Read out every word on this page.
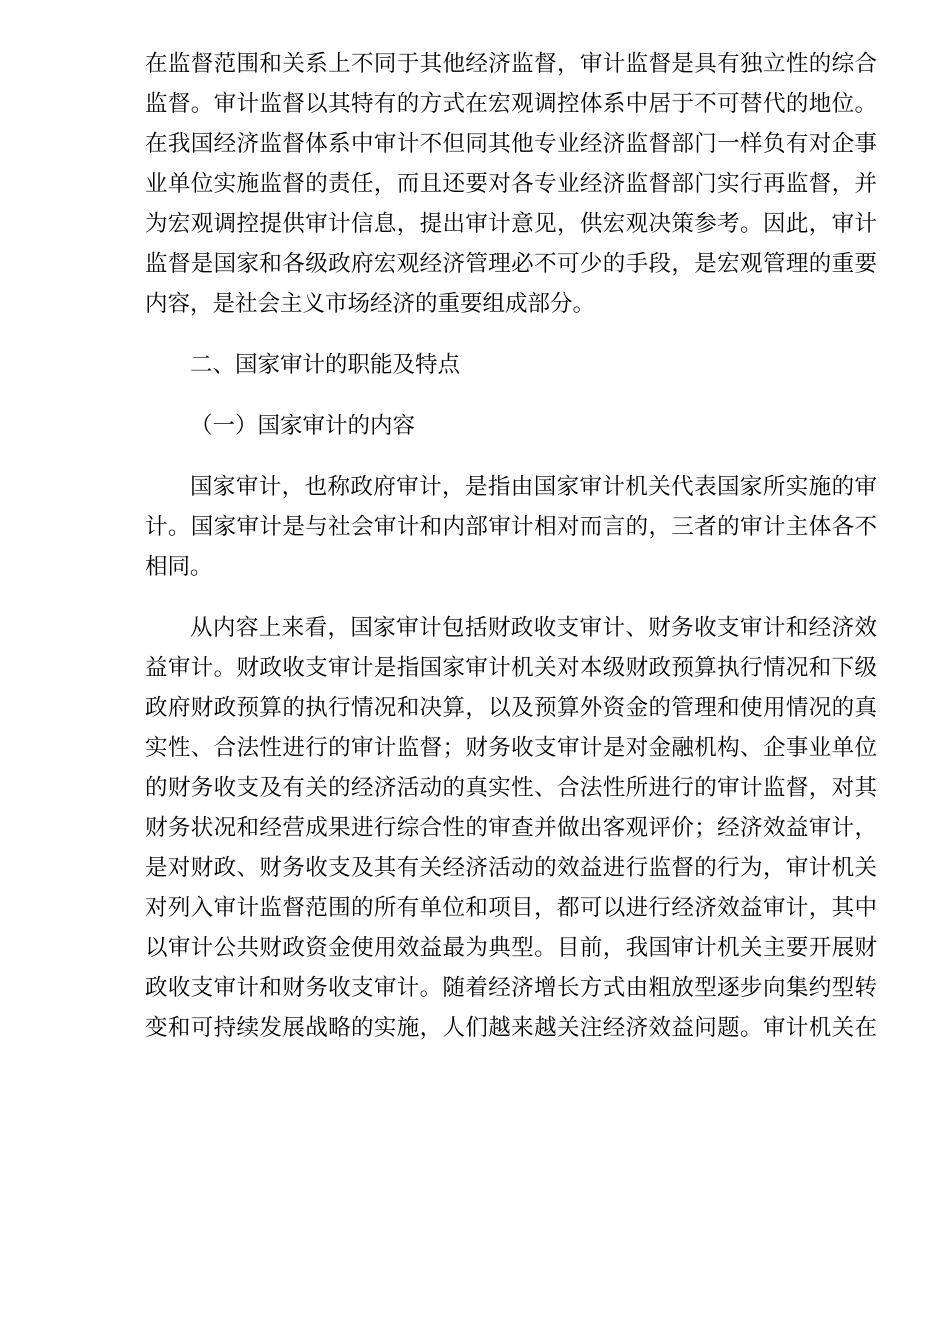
在监督范围和关系上不同于其他经济监督，审计监督是具有独立性的综合
监督。审计监督以其特有的方式在宏观调控体系中居于不可替代的地位。
在我国经济监督体系中审计不但同其他专业经济监督部门一样负有对企事
业单位实施监督的责任，而且还要对各专业经济监督部门实行再监督，并
为宏观调控提供审计信息，提出审计意见，供宏观决策参考。因此，审计
监督是国家和各级政府宏观经济管理必不可少的手段，是宏观管理的重要
内容，是社会主义市场经济的重要组成部分。
二、国家审计的职能及特点
（一）国家审计的内容
国家审计，也称政府审计，是指由国家审计机关代表国家所实施的审
计。国家审计是与社会审计和内部审计相对而言的，三者的审计主体各不
相同。
从内容上来看，国家审计包括财政收支审计、财务收支审计和经济效
益审计。财政收支审计是指国家审计机关对本级财政预算执行情况和下级
政府财政预算的执行情况和决算，以及预算外资金的管理和使用情况的真
实性、合法性进行的审计监督；财务收支审计是对金融机构、企事业单位
的财务收支及有关的经济活动的真实性、合法性所进行的审计监督，对其
财务状况和经营成果进行综合性的审查并做出客观评价；经济效益审计，
是对财政、财务收支及其有关经济活动的效益进行监督的行为，审计机关
对列入审计监督范围的所有单位和项目，都可以进行经济效益审计，其中
以审计公共财政资金使用效益最为典型。目前，我国审计机关主要开展财
政收支审计和财务收支审计。随着经济增长方式由粗放型逐步向集约型转
变和可持续发展战略的实施，人们越来越关注经济效益问题。审计机关在
